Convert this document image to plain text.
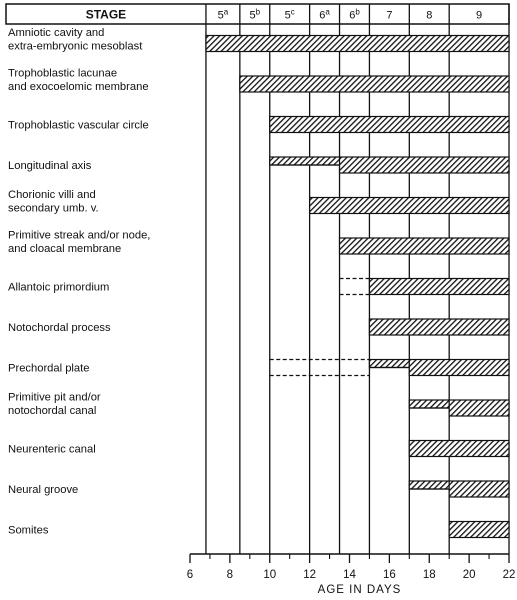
STAGE	5$^a$ 5$^b$ 5$^c$ 6$^a$ 6$^b$ 7	8	9
Amniotic cavity and
extra-embryonic mesoblast
Trophoblastic lacunae
and exocoelomic membrane
Trophoblastic vascular circle
Longitudinal axis
Chorionic villi and
secondary umb. v.
Primitive streak and/or node,
and cloacal membrane
Allantoic primordium
Notochordal process
Prechordal plate
Primitive pit and/or
notochordal canal
Neurenteric canal
Neural groove
Somites
6	8	10 12 14 16 18 20 22
AGE IN DAYS
